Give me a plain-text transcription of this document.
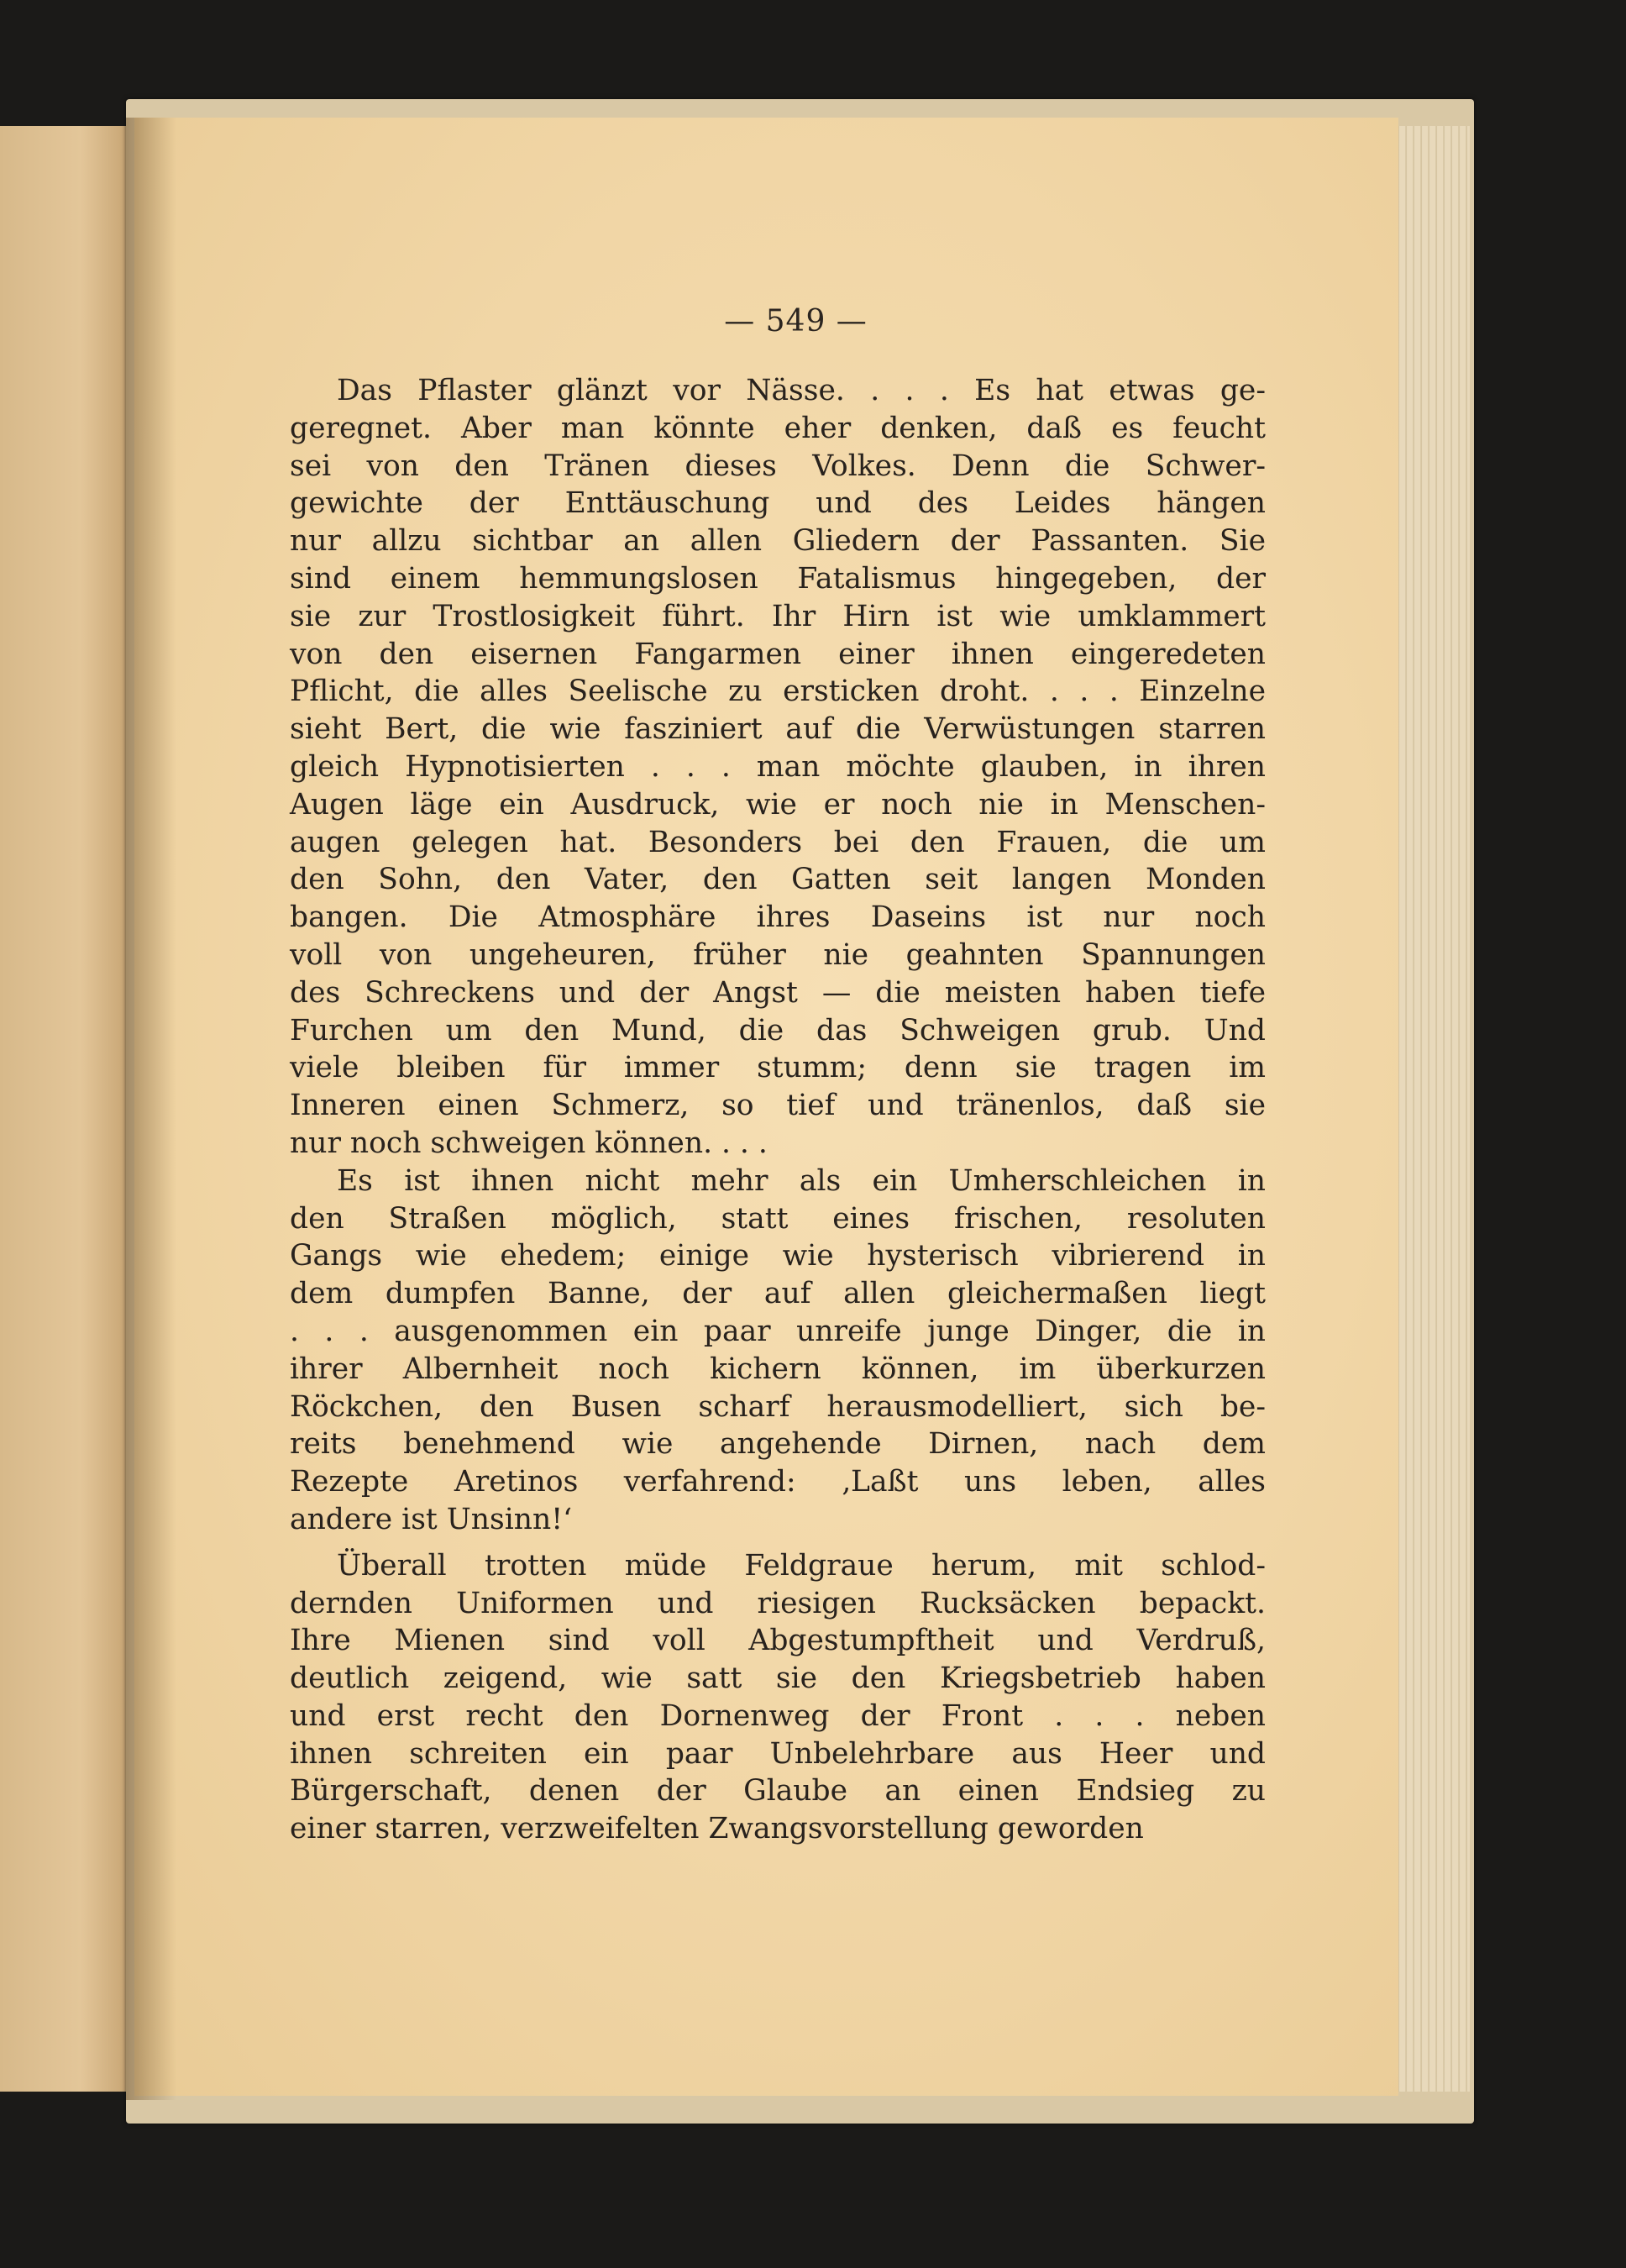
— 549 —
Das Pflaster glänzt vor Nässe. . . . Es hat etwas ge-
geregnet. Aber man könnte eher denken, daß es feucht
sei von den Tränen dieses Volkes. Denn die Schwer-
gewichte der Enttäuschung und des Leides hängen
nur allzu sichtbar an allen Gliedern der Passanten. Sie
sind einem hemmungslosen Fatalismus hingegeben, der
sie zur Trostlosigkeit führt. Ihr Hirn ist wie umklammert
von den eisernen Fangarmen einer ihnen eingeredeten
Pflicht, die alles Seelische zu ersticken droht. . . . Einzelne
sieht Bert, die wie fasziniert auf die Verwüstungen starren
gleich Hypnotisierten . . . man möchte glauben, in ihren
Augen läge ein Ausdruck, wie er noch nie in Menschen-
augen gelegen hat. Besonders bei den Frauen, die um
den Sohn, den Vater, den Gatten seit langen Monden
bangen. Die Atmosphäre ihres Daseins ist nur noch
voll von ungeheuren, früher nie geahnten Spannungen
des Schreckens und der Angst — die meisten haben tiefe
Furchen um den Mund, die das Schweigen grub. Und
viele bleiben für immer stumm; denn sie tragen im
Inneren einen Schmerz, so tief und tränenlos, daß sie
nur noch schweigen können. . . .
Es ist ihnen nicht mehr als ein Umherschleichen in
den Straßen möglich, statt eines frischen, resoluten
Gangs wie ehedem; einige wie hysterisch vibrierend in
dem dumpfen Banne, der auf allen gleichermaßen liegt
. . . ausgenommen ein paar unreife junge Dinger, die in
ihrer Albernheit noch kichern können, im überkurzen
Röckchen, den Busen scharf herausmodelliert, sich be-
reits benehmend wie angehende Dirnen, nach dem
Rezepte Aretinos verfahrend: ‚Laßt uns leben, alles
andere ist Unsinn!‘
Überall trotten müde Feldgraue herum, mit schlod-
dernden Uniformen und riesigen Rucksäcken bepackt.
Ihre Mienen sind voll Abgestumpftheit und Verdruß,
deutlich zeigend, wie satt sie den Kriegsbetrieb haben
und erst recht den Dornenweg der Front . . . neben
ihnen schreiten ein paar Unbelehrbare aus Heer und
Bürgerschaft, denen der Glaube an einen Endsieg zu
einer starren, verzweifelten Zwangsvorstellung geworden
